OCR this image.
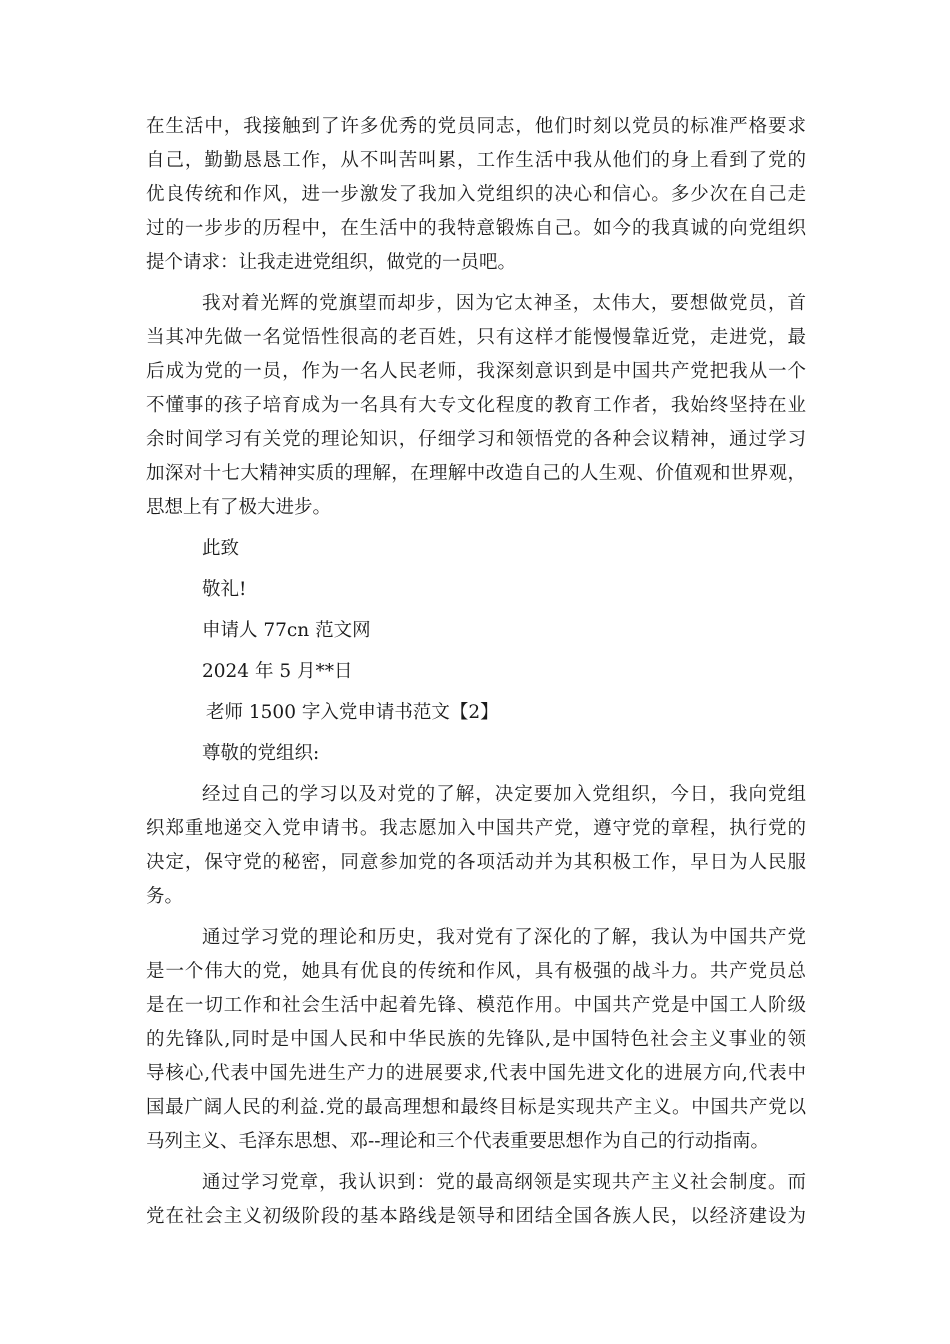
在生活中，我接触到了许多优秀的党员同志，他们时刻以党员的标准严格要求
自己，勤勤恳恳工作，从不叫苦叫累，工作生活中我从他们的身上看到了党的
优良传统和作风，进一步激发了我加入党组织的决心和信心。多少次在自己走
过的一步步的历程中，在生活中的我特意锻炼自己。如今的我真诚的向党组织
提个请求：让我走进党组织，做党的一员吧。

我对着光辉的党旗望而却步，因为它太神圣，太伟大，要想做党员，首
当其冲先做一名觉悟性很高的老百姓，只有这样才能慢慢靠近党，走进党，最
后成为党的一员，作为一名人民老师，我深刻意识到是中国共产党把我从一个
不懂事的孩子培育成为一名具有大专文化程度的教育工作者，我始终坚持在业
余时间学习有关党的理论知识，仔细学习和领悟党的各种会议精神，通过学习
加深对十七大精神实质的理解，在理解中改造自己的人生观、价值观和世界观，
思想上有了极大进步。

此致

敬礼!

申请人 77cn 范文网

2024 年 5 月**日

老师 1500 字入党申请书范文【2】

尊敬的党组织:

经过自己的学习以及对党的了解，决定要加入党组织，今日，我向党组
织郑重地递交入党申请书。我志愿加入中国共产党，遵守党的章程，执行党的
决定，保守党的秘密，同意参加党的各项活动并为其积极工作，早日为人民服
务。

通过学习党的理论和历史，我对党有了深化的了解，我认为中国共产党
是一个伟大的党，她具有优良的传统和作风，具有极强的战斗力。共产党员总
是在一切工作和社会生活中起着先锋、模范作用。中国共产党是中国工人阶级
的先锋队,同时是中国人民和中华民族的先锋队,是中国特色社会主义事业的领
导核心,代表中国先进生产力的进展要求,代表中国先进文化的进展方向,代表中
国最广阔人民的利益.党的最高理想和最终目标是实现共产主义。中国共产党以
马列主义、毛泽东思想、邓--理论和三个代表重要思想作为自己的行动指南。

通过学习党章，我认识到：党的最高纲领是实现共产主义社会制度。而
党在社会主义初级阶段的基本路线是领导和团结全国各族人民，以经济建设为
